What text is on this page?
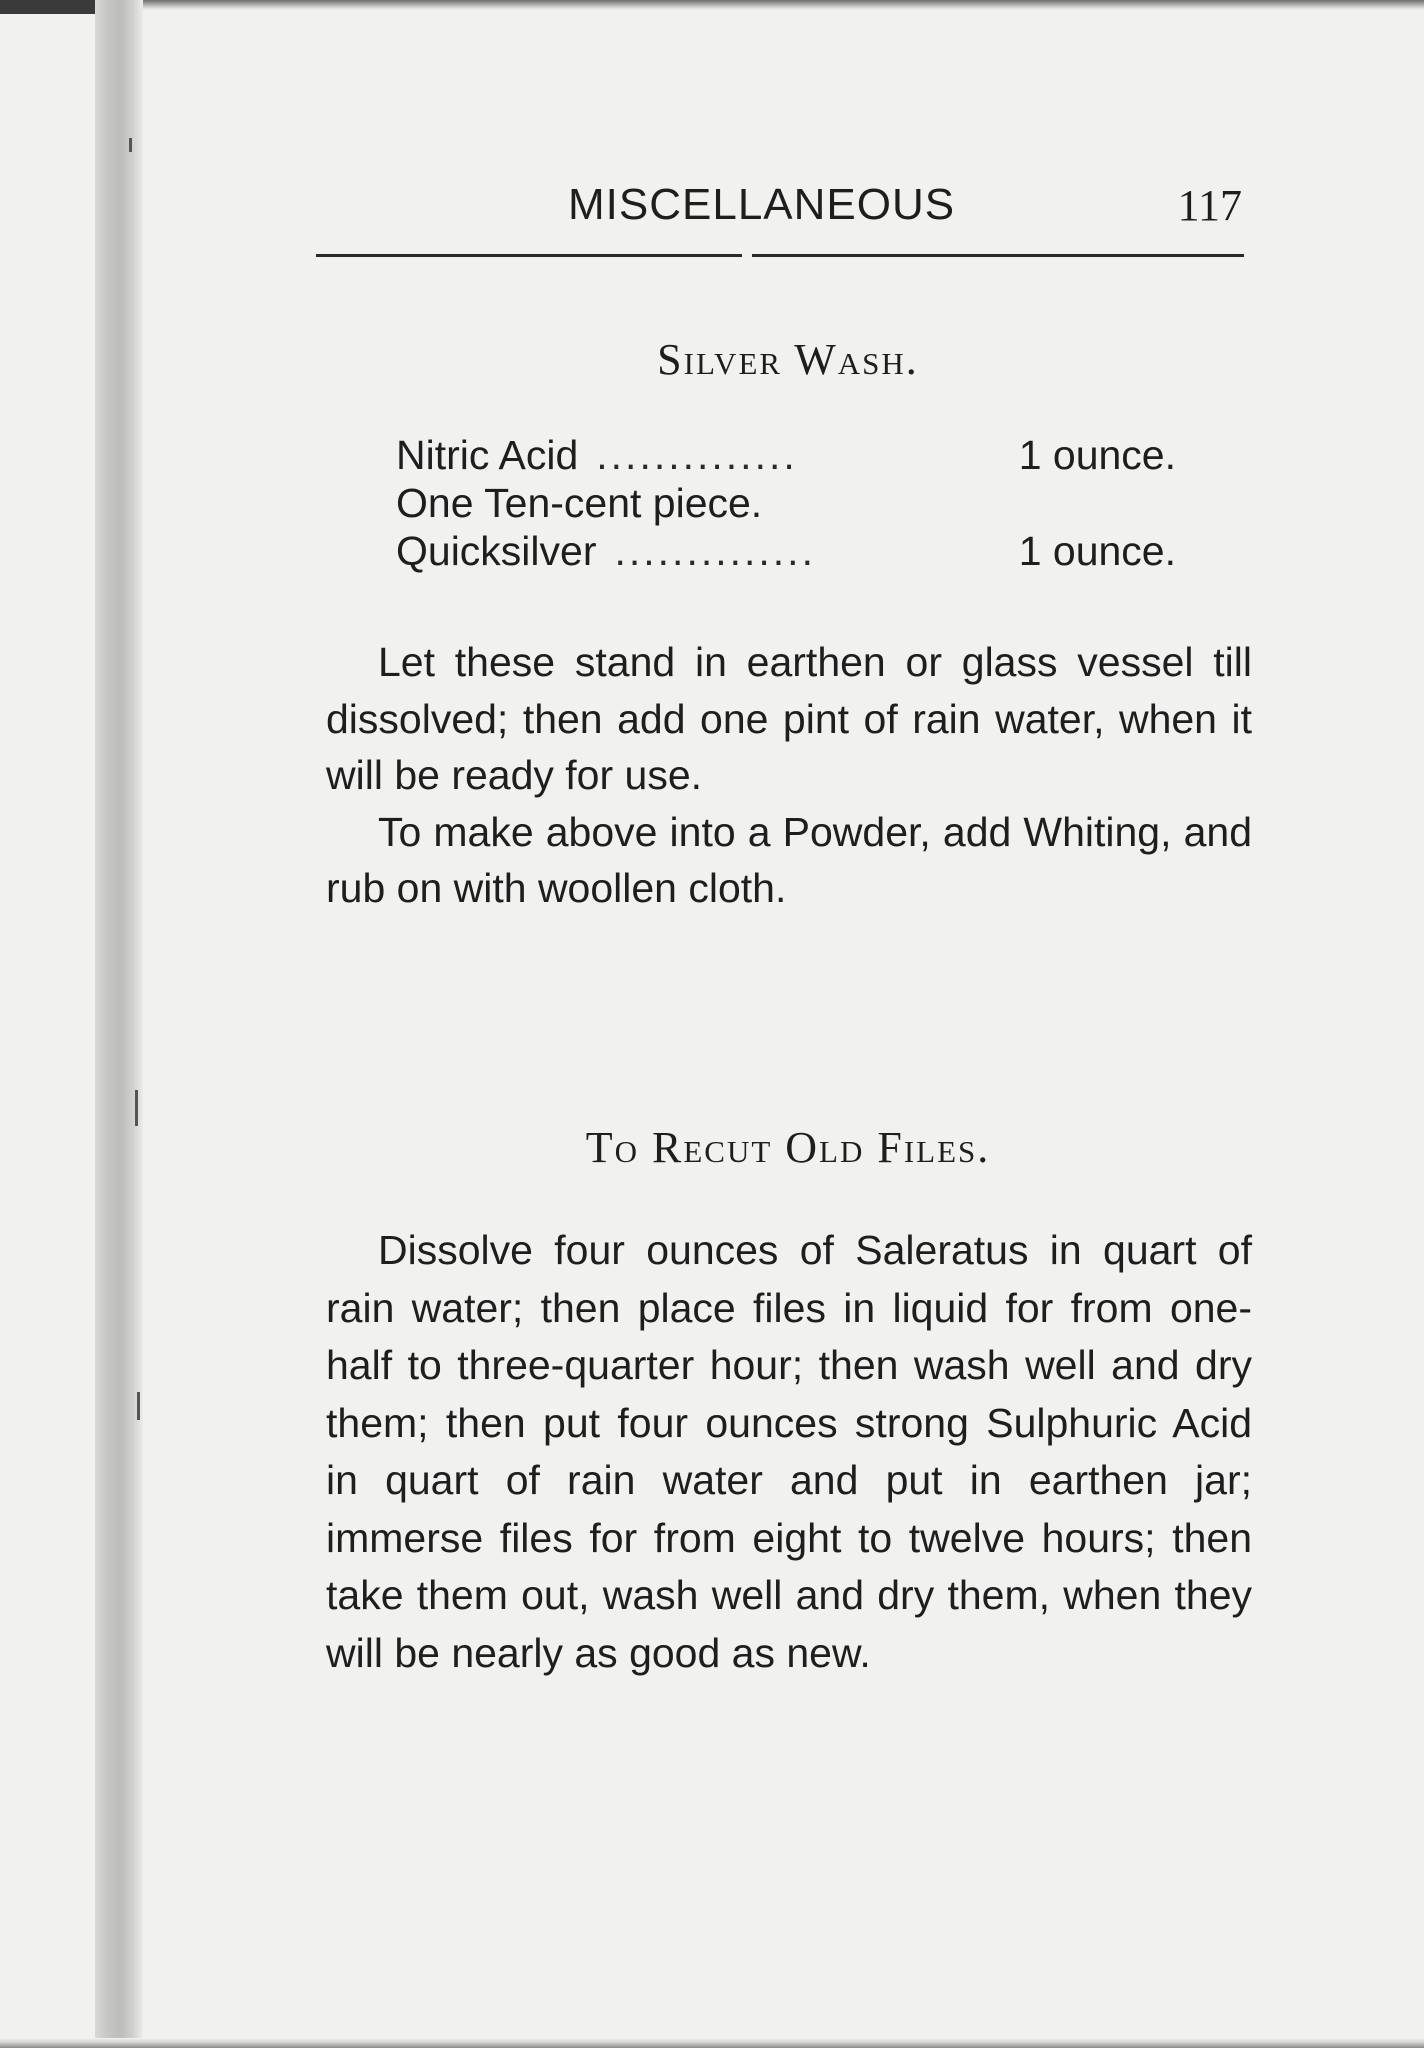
MISCELLANEOUS	117
Silver Wash.
Nitric Acid ..............	1 ounce.
One Ten-cent piece.
Quicksilver ..............	1 ounce.

Let these stand in earthen or glass vessel till dissolved; then add one pint of rain water, when it will be ready for use.

To make above into a Powder, add Whiting, and rub on with woollen cloth.

To Recut Old Files.

Dissolve four ounces of Saleratus in quart of rain water; then place files in liquid for from one-half to three-quarter hour; then wash well and dry them; then put four ounces strong Sulphuric Acid in quart of rain water and put in earthen jar; immerse files for from eight to twelve hours; then take them out, wash well and dry them, when they will be nearly as good as new.
